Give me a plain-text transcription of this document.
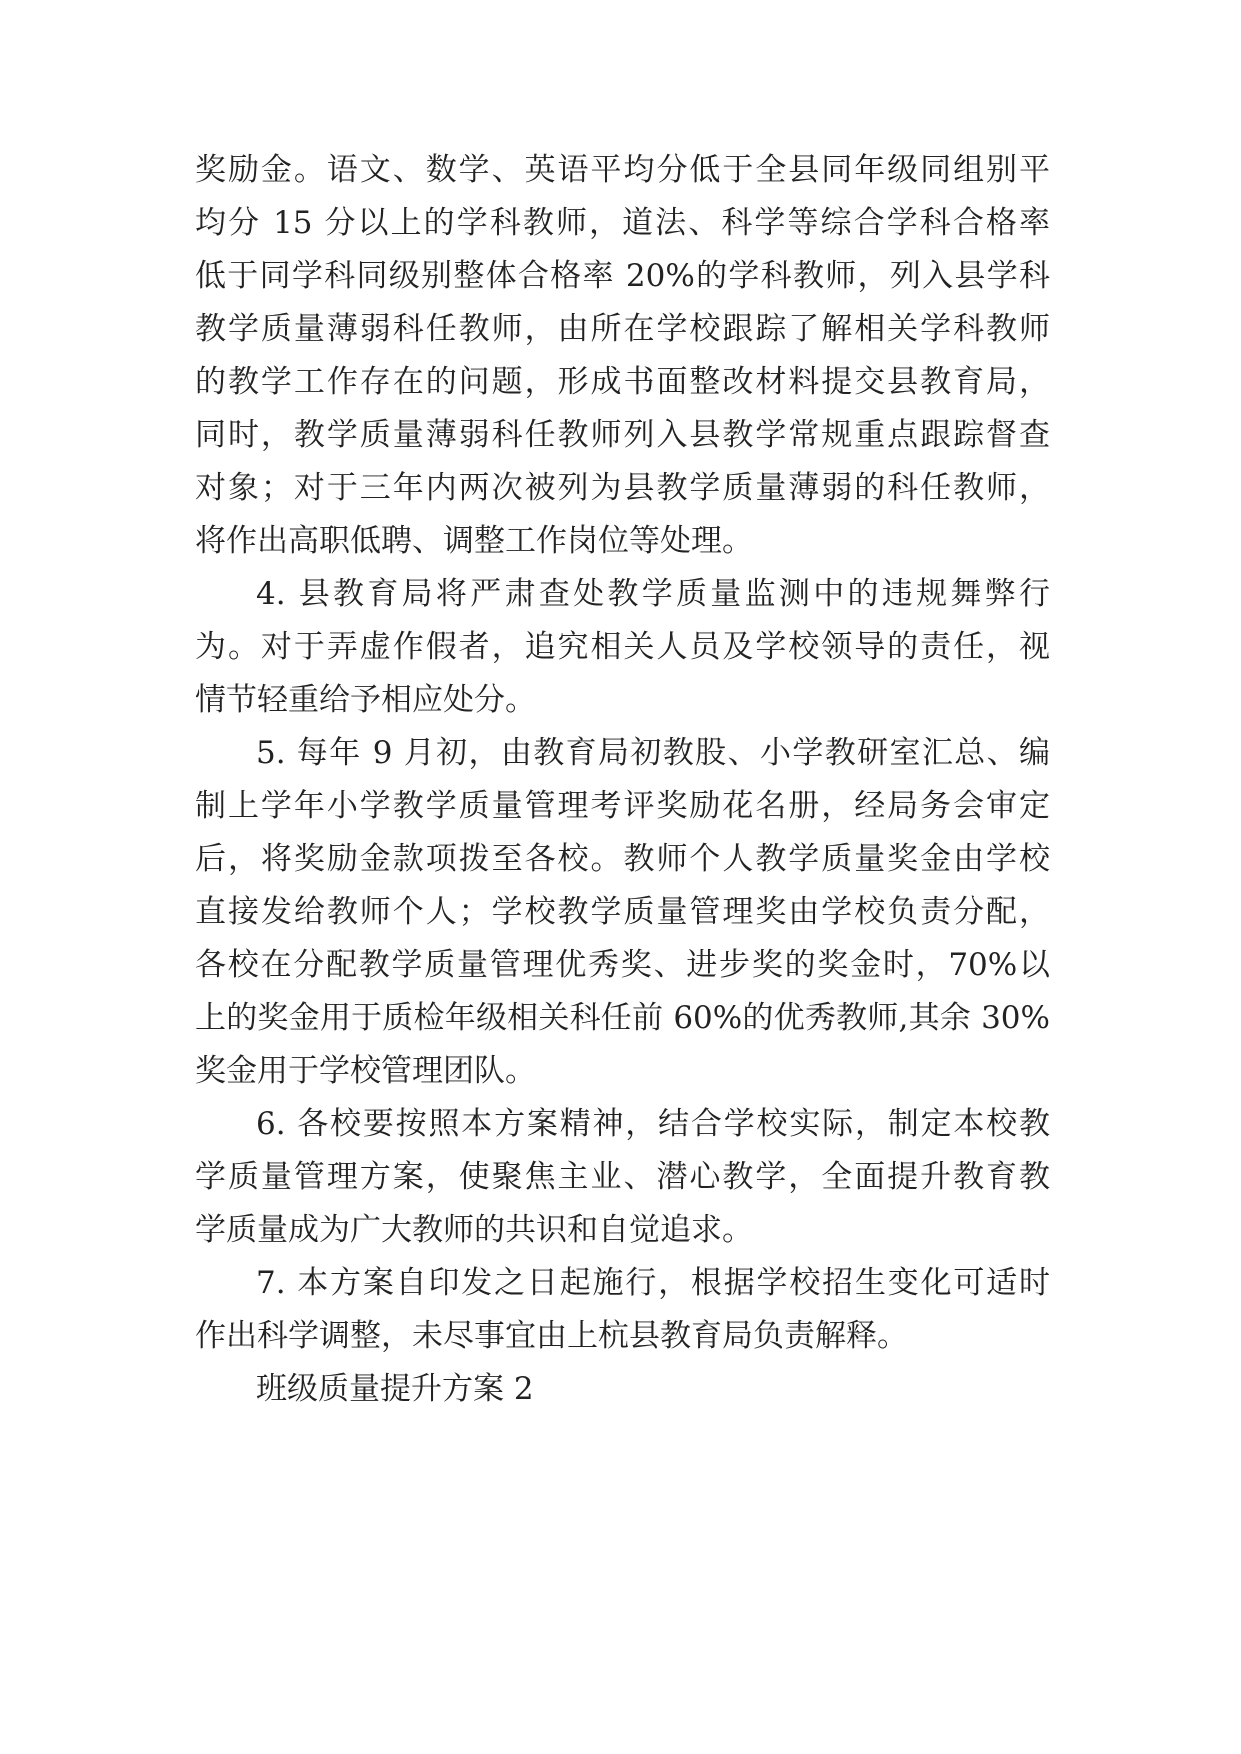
奖励金。语文、数学、英语平均分低于全县同年级同组别平

均分 15 分以上的学科教师，道法、科学等综合学科合格率

低于同学科同级别整体合格率 20%的学科教师，列入县学科

教学质量薄弱科任教师，由所在学校跟踪了解相关学科教师

的教学工作存在的问题，形成书面整改材料提交县教育局，

同时，教学质量薄弱科任教师列入县教学常规重点跟踪督查

对象；对于三年内两次被列为县教学质量薄弱的科任教师，

将作出高职低聘、调整工作岗位等处理。

4. 县教育局将严肃查处教学质量监测中的违规舞弊行

为。对于弄虚作假者，追究相关人员及学校领导的责任，视

情节轻重给予相应处分。

5. 每年 9 月初，由教育局初教股、小学教研室汇总、编

制上学年小学教学质量管理考评奖励花名册，经局务会审定

后，将奖励金款项拨至各校。教师个人教学质量奖金由学校

直接发给教师个人；学校教学质量管理奖由学校负责分配，

各校在分配教学质量管理优秀奖、进步奖的奖金时，70%以

上的奖金用于质检年级相关科任前 60%的优秀教师,其余 30%

奖金用于学校管理团队。

6. 各校要按照本方案精神，结合学校实际，制定本校教

学质量管理方案，使聚焦主业、潜心教学，全面提升教育教

学质量成为广大教师的共识和自觉追求。

7. 本方案自印发之日起施行，根据学校招生变化可适时

作出科学调整，未尽事宜由上杭县教育局负责解释。

班级质量提升方案 2
